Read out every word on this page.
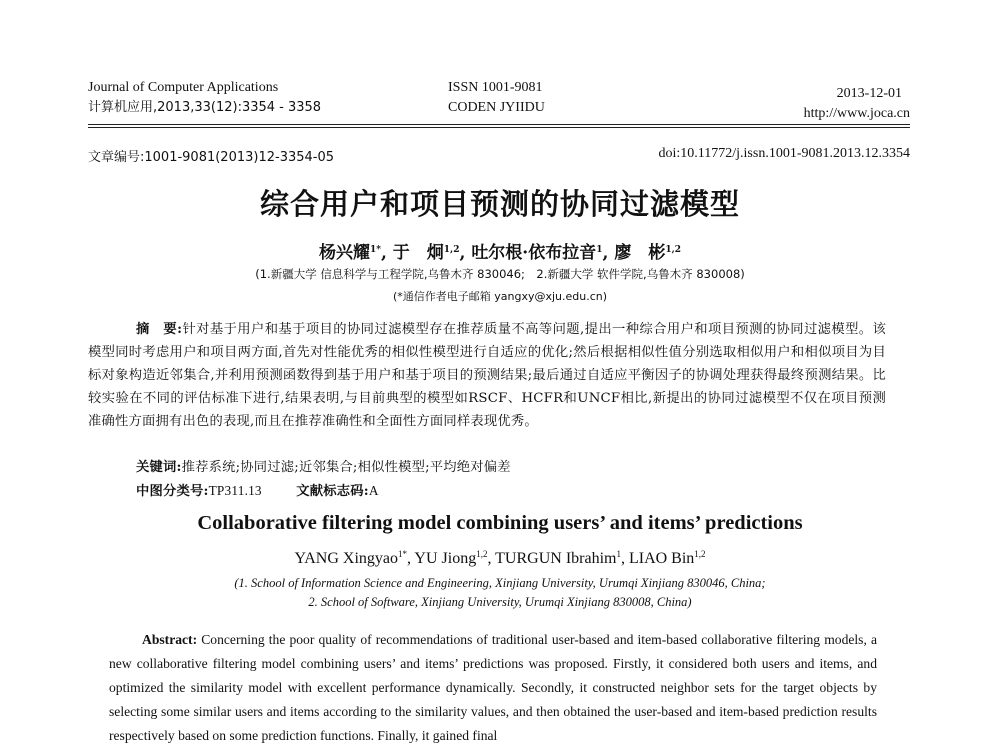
Journal of Computer Applications
计算机应用,2013,33(12):3354 - 3358
ISSN 1001-9081
CODEN JYIIDU
2013-12-01
http://www.joca.cn
文章编号:1001-9081(2013)12-3354-05	doi:10.11772/j.issn.1001-9081.2013.12.3354
综合用户和项目预测的协同过滤模型
杨兴耀$^{1*}$, 于　炯$^{1,2}$, 吐尔根·依布拉音$^1$, 廖　彬$^{1,2}$
(1.新疆大学 信息科学与工程学院,乌鲁木齐 830046;　2.新疆大学 软件学院,乌鲁木齐 830008)
(*通信作者电子邮箱 yangxy@xju.edu.cn)
摘　要:针对基于用户和基于项目的协同过滤模型存在推荐质量不高等问题,提出一种综合用户和项目预测的协同过滤模型。该模型同时考虑用户和项目两方面,首先对性能优秀的相似性模型进行自适应的优化;然后根据相似性值分别选取相似用户和相似项目为目标对象构造近邻集合,并利用预测函数得到基于用户和基于项目的预测结果;最后通过自适应平衡因子的协调处理获得最终预测结果。比较实验在不同的评估标准下进行,结果表明,与目前典型的模型如RSCF、HCFR和UNCF相比,新提出的协同过滤模型不仅在项目预测准确性方面拥有出色的表现,而且在推荐准确性和全面性方面同样表现优秀。
关键词:推荐系统;协同过滤;近邻集合;相似性模型;平均绝对偏差
中图分类号:TP311.13	文献标志码:A
Collaborative filtering model combining users’ and items’ predictions
YANG Xingyao$^{1*}$, YU Jiong$^{1,2}$, TURGUN Ibrahim$^1$, LIAO Bin$^{1,2}$
(1. School of Information Science and Engineering, Xinjiang University, Urumqi Xinjiang 830046, China;
2. School of Software, Xinjiang University, Urumqi Xinjiang 830008, China)
Abstract: Concerning the poor quality of recommendations of traditional user-based and item-based collaborative filtering models, a new collaborative filtering model combining users’ and items’ predictions was proposed. Firstly, it considered both users and items, and optimized the similarity model with excellent performance dynamically. Secondly, it constructed neighbor sets for the target objects by selecting some similar users and items according to the similarity values, and then obtained the user-based and item-based prediction results respectively based on some prediction functions. Finally, it gained final
